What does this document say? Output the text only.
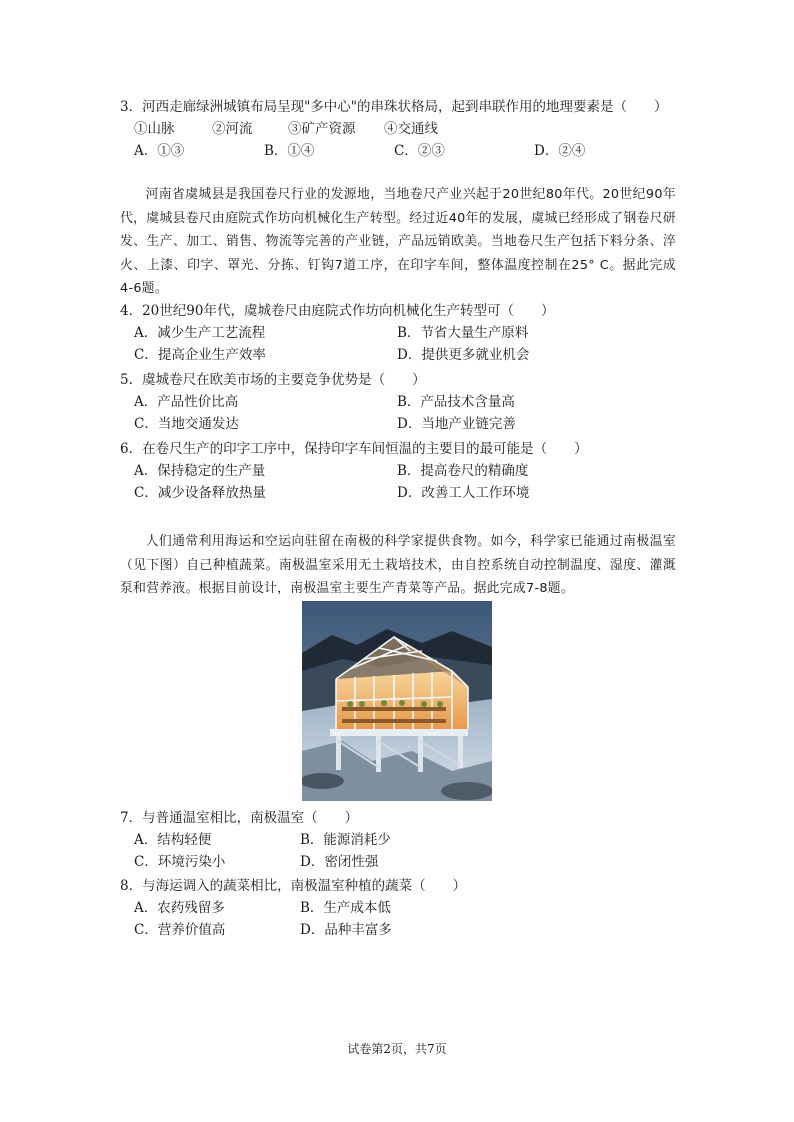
3．河西走廊绿洲城镇布局呈现"多中心"的串珠状格局，起到串联作用的地理要素是（　　）
①山脉	②河流	③矿产资源	④交通线
A．①③	B．①④	C．②③	D．②④
河南省虞城县是我国卷尺行业的发源地，当地卷尺产业兴起于20世纪80年代。20世纪90年代，虞城县卷尺由庭院式作坊向机械化生产转型。经过近40年的发展，虞城已经形成了钢卷尺研发、生产、加工、销售、物流等完善的产业链，产品远销欧美。当地卷尺生产包括下料分条、淬火、上漆、印字、罩光、分拣、钉钩7道工序，在印字车间，整体温度控制在25° C。据此完成4-6题。
4．20世纪90年代，虞城卷尺由庭院式作坊向机械化生产转型可（　　）
A．减少生产工艺流程	B．节省大量生产原料
C．提高企业生产效率	D．提供更多就业机会
5．虞城卷尺在欧美市场的主要竞争优势是（　　）
A．产品性价比高	B．产品技术含量高
C．当地交通发达	D．当地产业链完善
6．在卷尺生产的印字工序中，保持印字车间恒温的主要目的最可能是（　　）
A．保持稳定的生产量	B．提高卷尺的精确度
C．减少设备释放热量	D．改善工人工作环境
人们通常利用海运和空运向驻留在南极的科学家提供食物。如今，科学家已能通过南极温室（见下图）自己种植蔬菜。南极温室采用无土栽培技术，由自控系统自动控制温度、湿度、灌溉泵和营养液。根据目前设计，南极温室主要生产青菜等产品。据此完成7-8题。
7．与普通温室相比，南极温室（　　）
A．结构轻便	B．能源消耗少
C．环境污染小	D．密闭性强
8．与海运调入的蔬菜相比，南极温室种植的蔬菜（　　）
A．农药残留多	B．生产成本低
C．营养价值高	D．品种丰富多
试卷第2页，共7页
